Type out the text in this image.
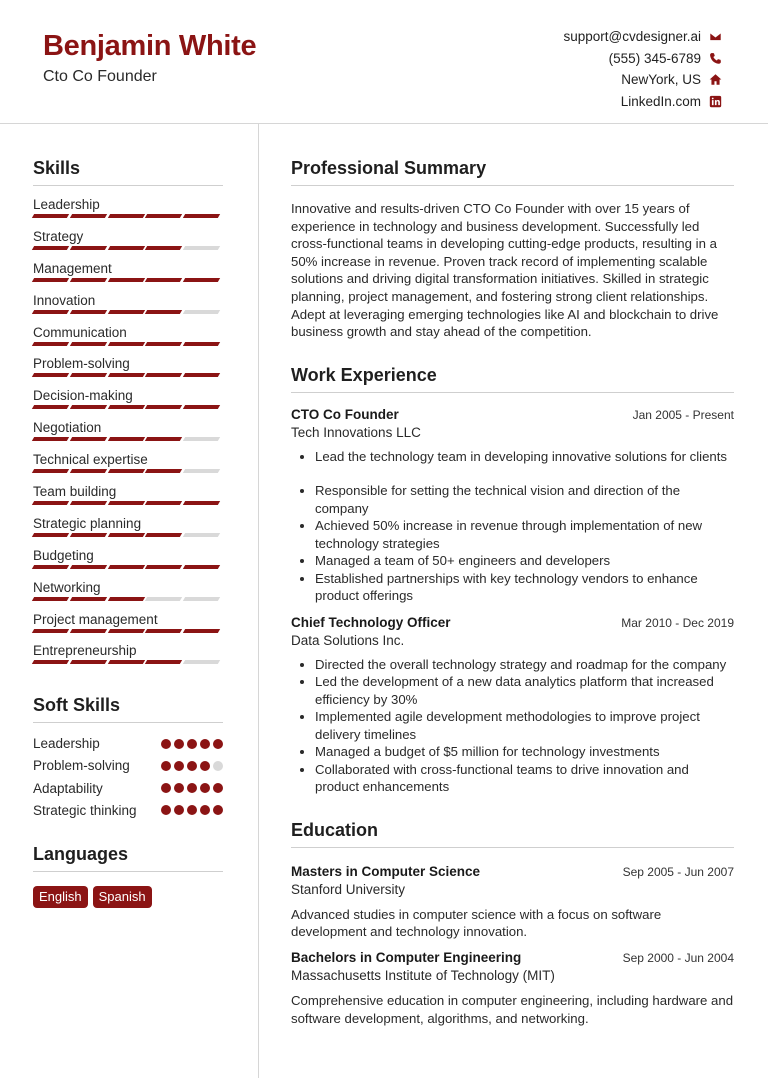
Benjamin White
Cto Co Founder
support@cvdesigner.ai
(555) 345-6789
NewYork, US
LinkedIn.com
Skills
Leadership
Strategy
Management
Innovation
Communication
Problem-solving
Decision-making
Negotiation
Technical expertise
Team building
Strategic planning
Budgeting
Networking
Project management
Entrepreneurship
Soft Skills
Leadership
Problem-solving
Adaptability
Strategic thinking
Languages
English	Spanish
Professional Summary

Innovative and results-driven CTO Co Founder with over 15 years of experience in technology and business development. Successfully led cross-functional teams in developing cutting-edge products, resulting in a 50% increase in revenue. Proven track record of implementing scalable solutions and driving digital transformation initiatives. Skilled in strategic planning, project management, and fostering strong client relationships. Adept at leveraging emerging technologies like AI and blockchain to drive business growth and stay ahead of the competition.

Work Experience
CTO Co Founder	Jan 2005 - Present
Tech Innovations LLC
Lead the technology team in developing innovative solutions for clients
Responsible for setting the technical vision and direction of the company
Achieved 50% increase in revenue through implementation of new technology strategies
Managed a team of 50+ engineers and developers
Established partnerships with key technology vendors to enhance product offerings
Chief Technology Officer	Mar 2010 - Dec 2019
Data Solutions Inc.
Directed the overall technology strategy and roadmap for the company
Led the development of a new data analytics platform that increased efficiency by 30%
Implemented agile development methodologies to improve project delivery timelines
Managed a budget of $5 million for technology investments
Collaborated with cross-functional teams to drive innovation and product enhancements
Education
Masters in Computer Science	Sep 2005 - Jun 2007
Stanford University

Advanced studies in computer science with a focus on software development and technology innovation.

Bachelors in Computer Engineering	Sep 2000 - Jun 2004
Massachusetts Institute of Technology (MIT)

Comprehensive education in computer engineering, including hardware and software development, algorithms, and networking.
